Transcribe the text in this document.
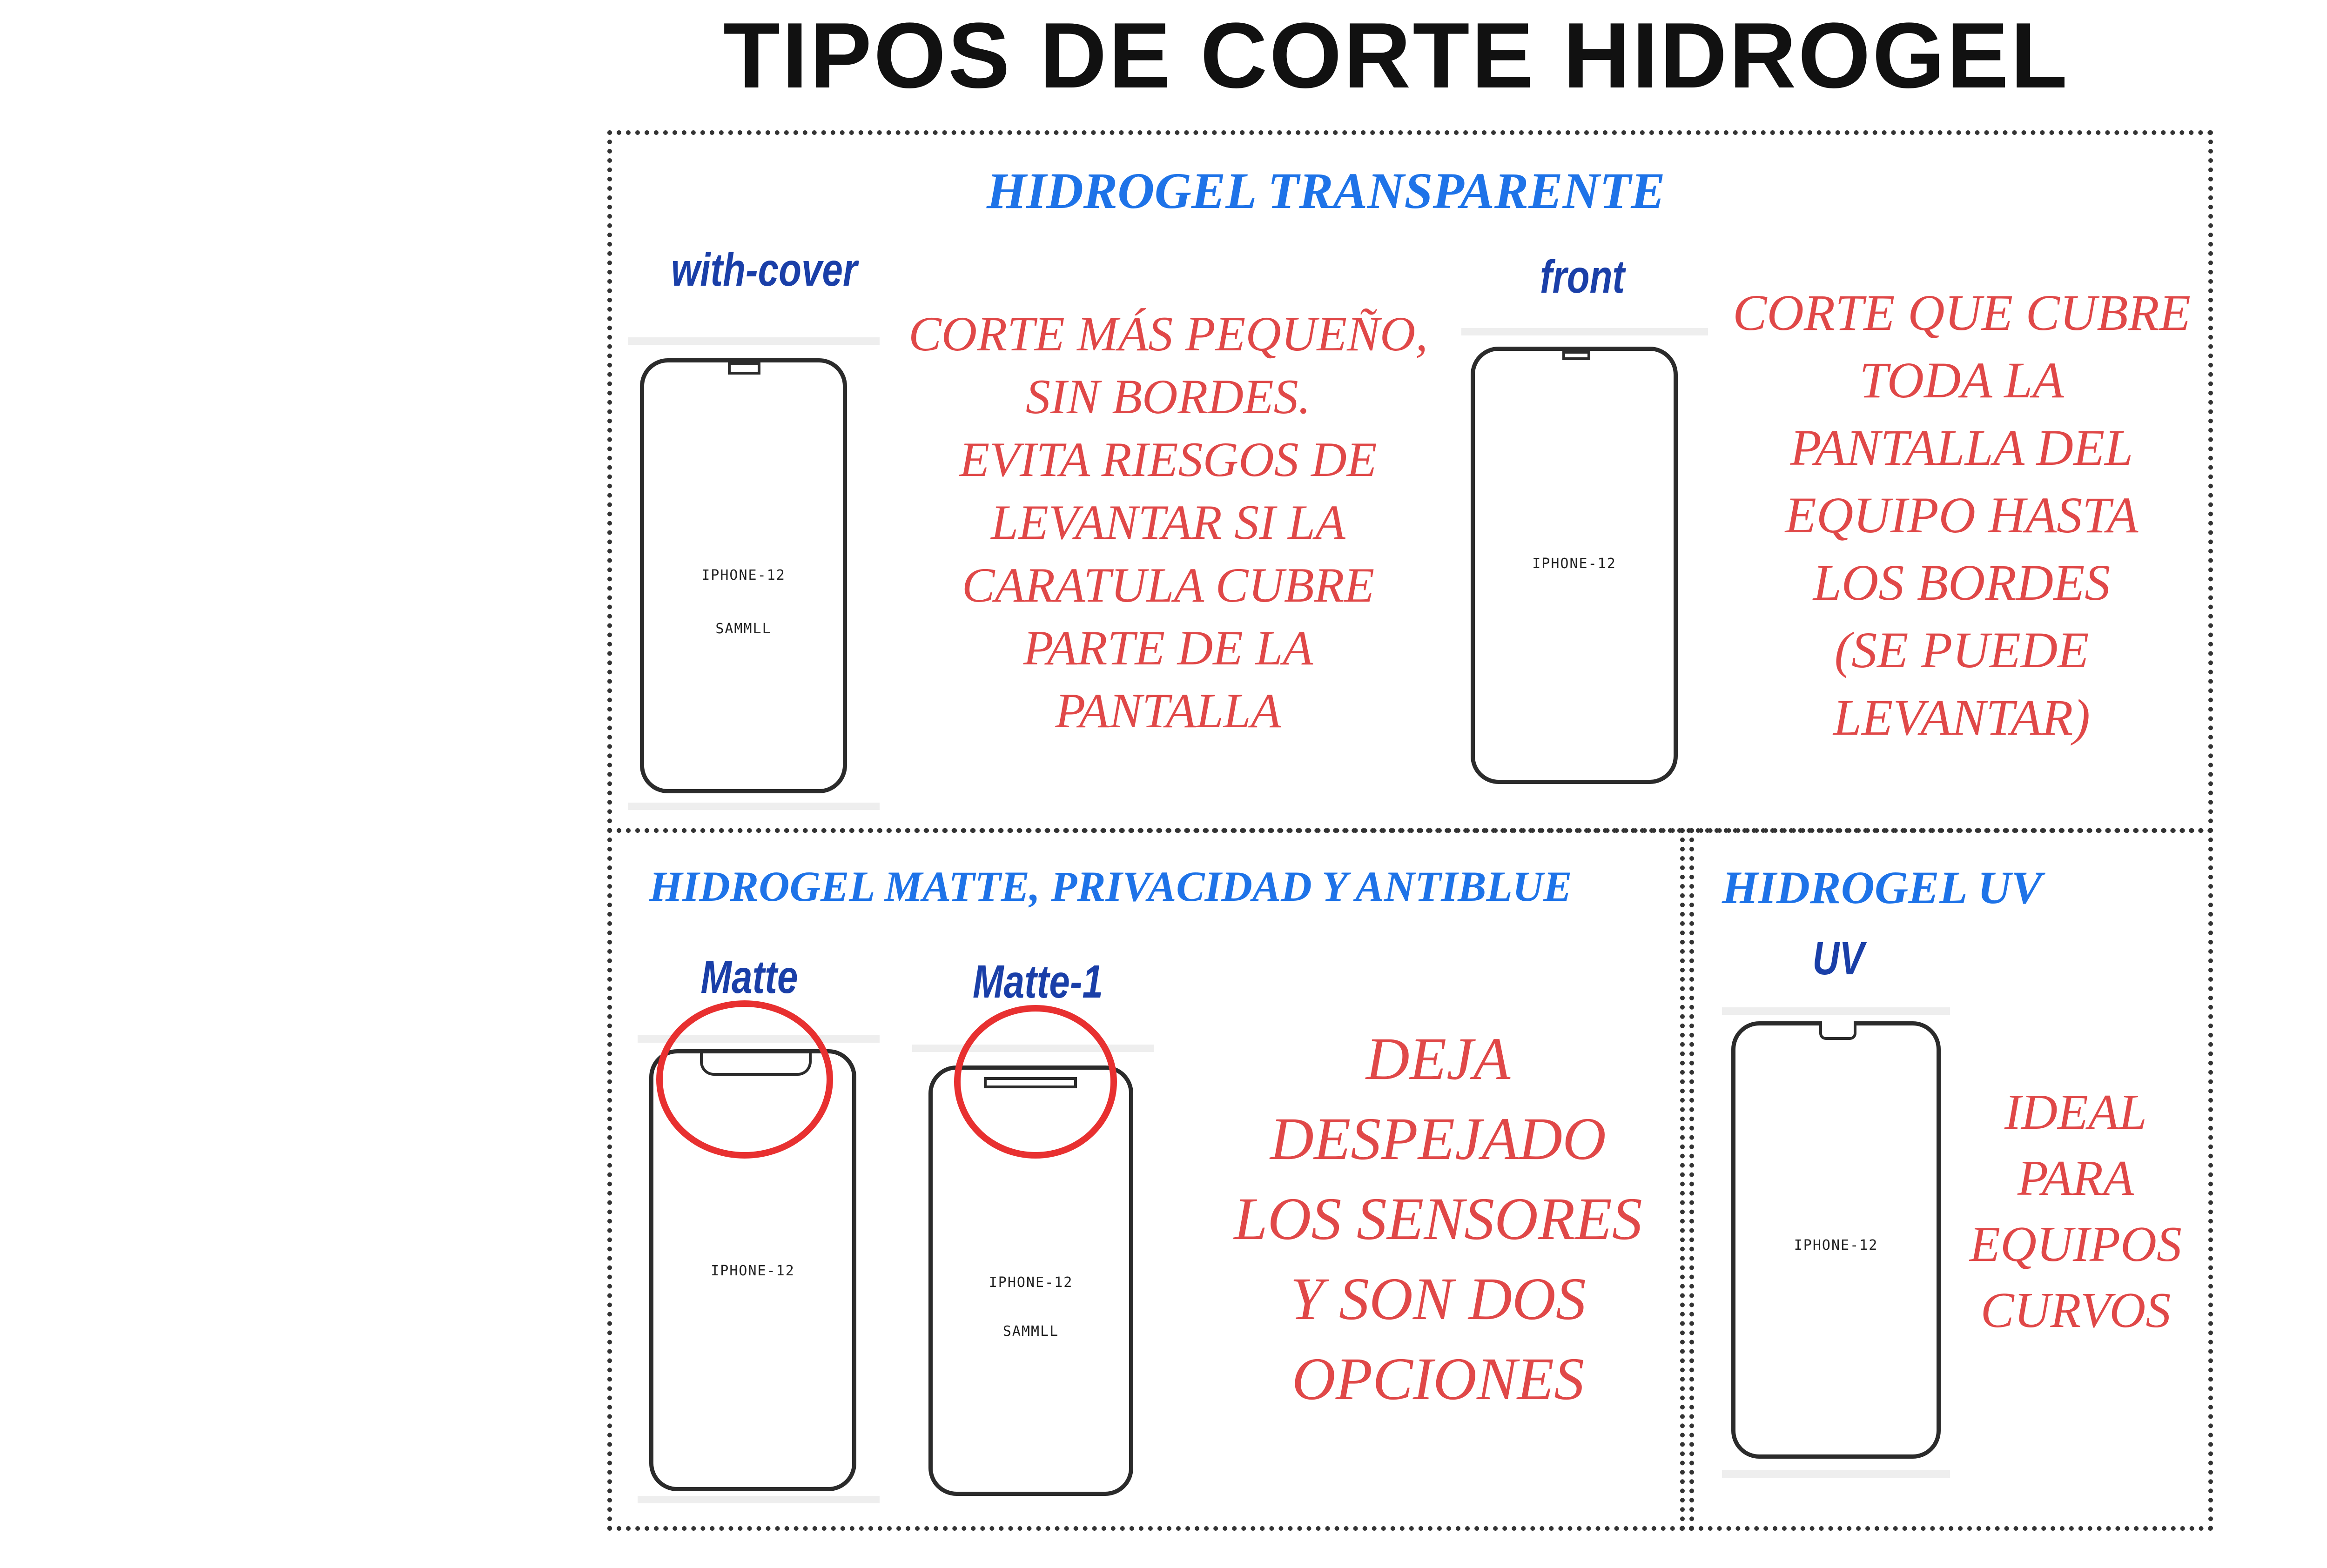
TIPOS DE CORTE HIDROGEL
HIDROGEL TRANSPARENTE
with-cover
IPHONE-12
SAMMLL
CORTE MÁS PEQUEÑO,
SIN BORDES.
EVITA RIESGOS DE
LEVANTAR SI LA
CARATULA CUBRE
PARTE DE LA
PANTALLA
front
IPHONE-12
CORTE QUE CUBRE
TODA LA
PANTALLA DEL
EQUIPO HASTA
LOS BORDES
(SE PUEDE
LEVANTAR)
HIDROGEL MATTE, PRIVACIDAD Y ANTIBLUE
Matte
IPHONE-12
Matte-1
IPHONE-12
SAMMLL
DEJA
DESPEJADO
LOS SENSORES
Y SON DOS
OPCIONES
HIDROGEL UV
UV
IPHONE-12
IDEAL
PARA
EQUIPOS
CURVOS
